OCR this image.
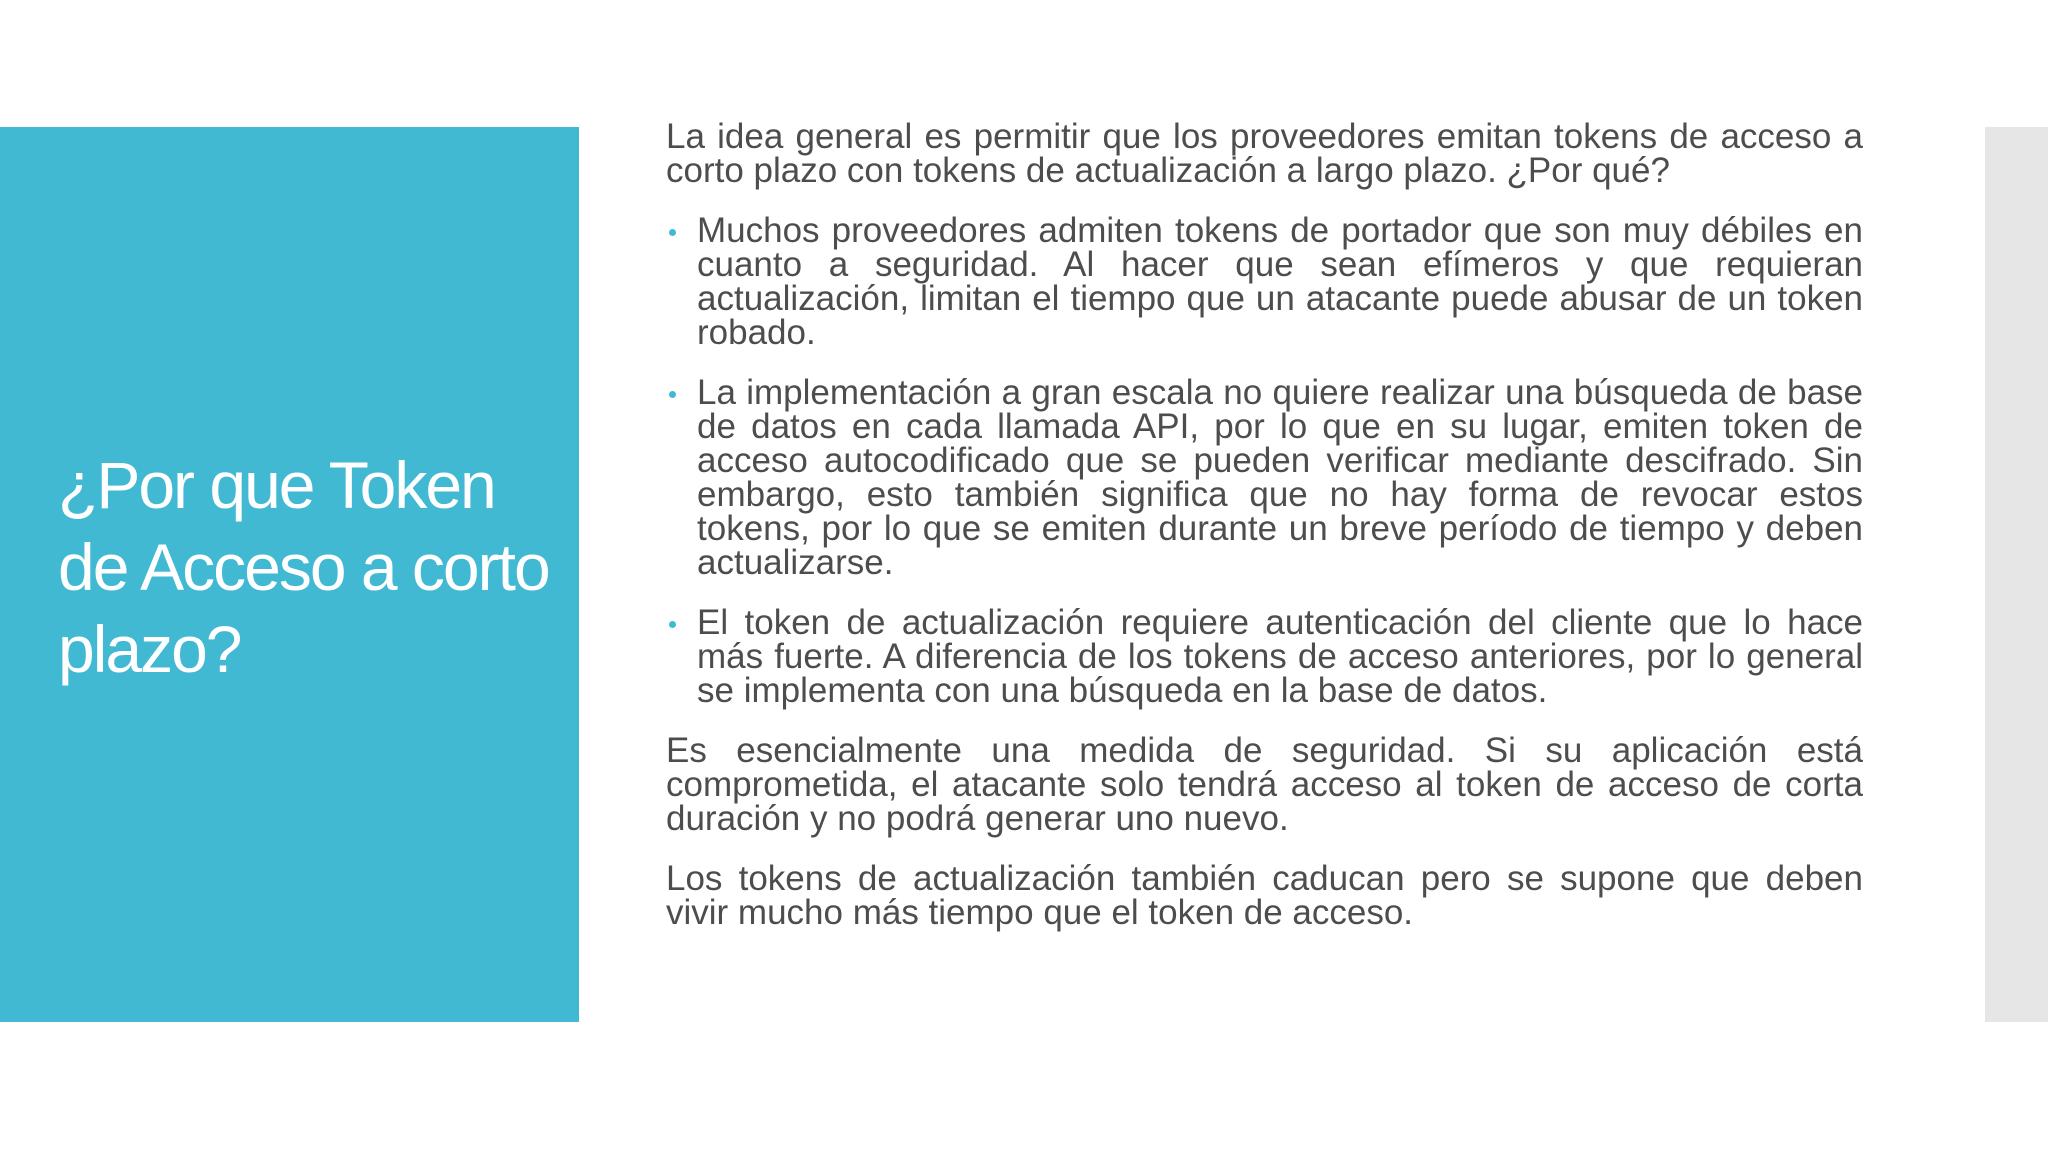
¿Por que Token de Acceso a corto plazo?

La idea general es permitir que los proveedores emitan tokens de acceso a corto plazo con tokens de actualización a largo plazo. ¿Por qué?

Muchos proveedores admiten tokens de portador que son muy débiles en cuanto a seguridad. Al hacer que sean efímeros y que requieran actualización, limitan el tiempo que un atacante puede abusar de un token robado.
La implementación a gran escala no quiere realizar una búsqueda de base de datos en cada llamada API, por lo que en su lugar, emiten token de acceso autocodificado que se pueden verificar mediante descifrado. Sin embargo, esto también significa que no hay forma de revocar estos tokens, por lo que se emiten durante un breve período de tiempo y deben actualizarse.
El token de actualización requiere autenticación del cliente que lo hace más fuerte. A diferencia de los tokens de acceso anteriores, por lo general se implementa con una búsqueda en la base de datos.

Es esencialmente una medida de seguridad. Si su aplicación está comprometida, el atacante solo tendrá acceso al token de acceso de corta duración y no podrá generar uno nuevo.

Los tokens de actualización también caducan pero se supone que deben vivir mucho más tiempo que el token de acceso.
